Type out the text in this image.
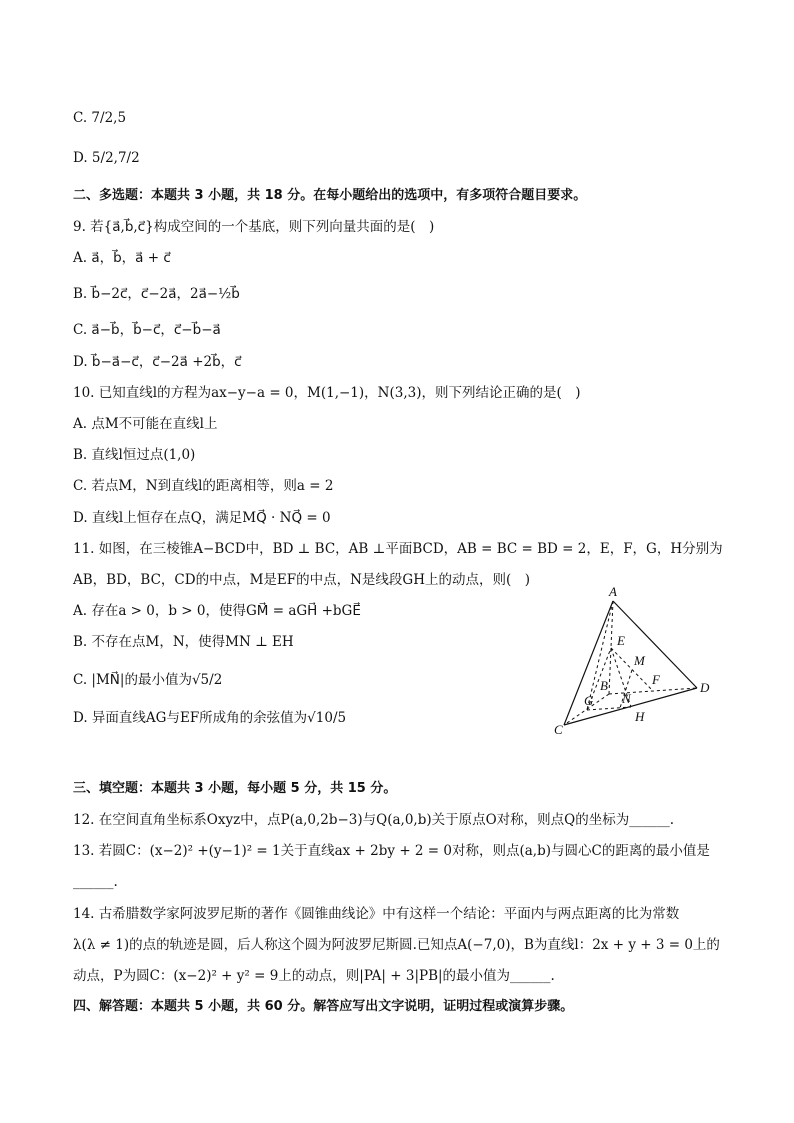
C. 7/2,5
D. 5/2,7/2
二、多选题：本题共 3 小题，共 18 分。在每小题给出的选项中，有多项符合题目要求。
9. 若{a⃗,b⃗,c⃗}构成空间的一个基底，则下列向量共面的是(　)
A. a⃗，b⃗，a⃗ + c⃗
B. b⃗−2c⃗，c⃗−2a⃗，2a⃗−½b⃗
C. a⃗−b⃗，b⃗−c⃗，c⃗−b⃗−a⃗
D. b⃗−a⃗−c⃗，c⃗−2a⃗ +2b⃗，c⃗
10. 已知直线l的方程为ax−y−a = 0，M(1,−1)，N(3,3)，则下列结论正确的是(　)
A. 点M不可能在直线l上
B. 直线l恒过点(1,0)
C. 若点M，N到直线l的距离相等，则a = 2
D. 直线l上恒存在点Q，满足MQ⃗ · NQ⃗ = 0
11. 如图，在三棱锥A−BCD中，BD ⊥ BC，AB ⊥平面BCD，AB = BC = BD = 2，E，F，G，H分别为
AB，BD，BC，CD的中点，M是EF的中点，N是线段GH上的动点，则(　)
A. 存在a > 0，b > 0，使得GM⃗ = aGH⃗ +bGE⃗
B. 不存在点M，N，使得MN ⊥ EH
C. |MN⃗|的最小值为√5/2
D. 异面直线AG与EF所成角的余弦值为√10/5
三、填空题：本题共 3 小题，每小题 5 分，共 15 分。
12. 在空间直角坐标系Oxyz中，点P(a,0,2b−3)与Q(a,0,b)关于原点O对称，则点Q的坐标为______.
13. 若圆C：(x−2)² +(y−1)² = 1关于直线ax + 2by + 2 = 0对称，则点(a,b)与圆心C的距离的最小值是
______.
14. 古希腊数学家阿波罗尼斯的著作《圆锥曲线论》中有这样一个结论：平面内与两点距离的比为常数
λ(λ ≠ 1)的点的轨迹是圆，后人称这个圆为阿波罗尼斯圆.已知点A(−7,0)，B为直线l：2x + y + 3 = 0上的
动点，P为圆C：(x−2)² + y² = 9上的动点，则|PA| + 3|PB|的最小值为______.
四、解答题：本题共 5 小题，共 60 分。解答应写出文字说明，证明过程或演算步骤。
A
B
C
D
E
F
G
H
M
N
